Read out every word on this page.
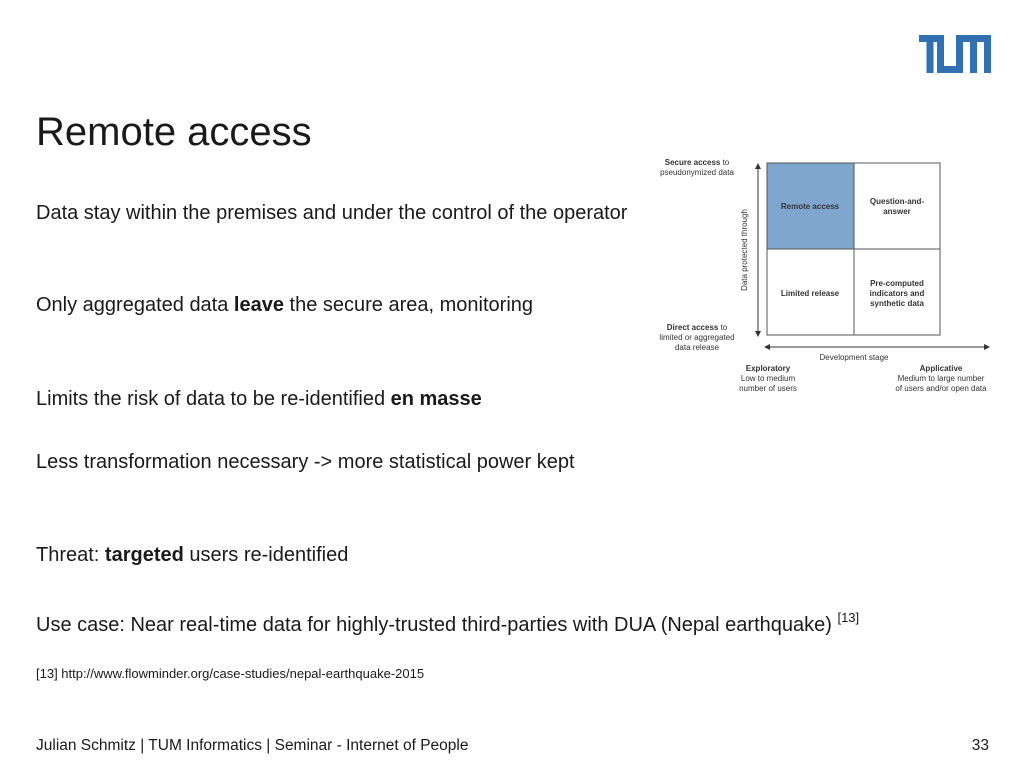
Remote access

Data stay within the premises and under the control of the operator

Only aggregated data leave the secure area, monitoring

Limits the risk of data to be re-identified en masse

Less transformation necessary -> more statistical power kept

Threat: targeted users re-identified

Use case: Near real-time data for highly-trusted third-parties with DUA (Nepal earthquake) [13]

[13] http://www.flowminder.org/case-studies/nepal-earthquake-2015
Secure access to
pseudonymized data
Direct access to
limited or aggregated
data release
Data protected through
Remote access
Question-and-
answer
Limited release
Pre-computed
indicators and
synthetic data
Development stage
Exploratory
Low to medium
number of users
Applicative
Medium to large number
of users and/or open data
Julian Schmitz | TUM Informatics | Seminar - Internet of People	33
